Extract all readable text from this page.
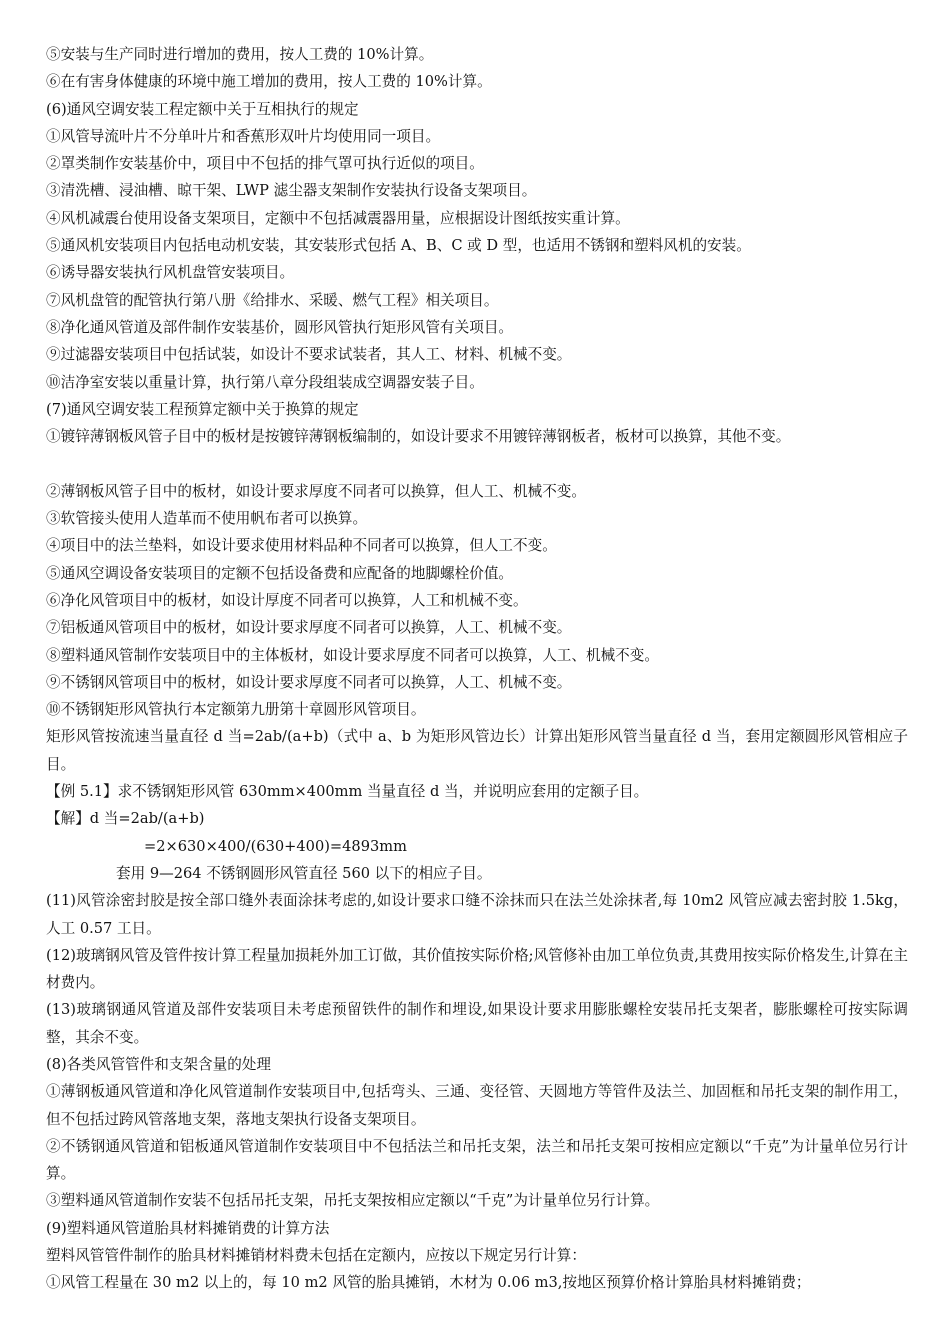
⑤安装与生产同时进行增加的费用，按人工费的 10%计算。
⑥在有害身体健康的环境中施工增加的费用，按人工费的 10%计算。
(6)通风空调安装工程定额中关于互相执行的规定
①风管导流叶片不分单叶片和香蕉形双叶片均使用同一项目。
②罩类制作安装基价中，项目中不包括的排气罩可执行近似的项目。
③清洗槽、浸油槽、晾干架、LWP 滤尘器支架制作安装执行设备支架项目。
④风机减震台使用设备支架项目，定额中不包括减震器用量，应根据设计图纸按实重计算。
⑤通风机安装项目内包括电动机安装，其安装形式包括 A、B、C 或 D 型，也适用不锈钢和塑料风机的安装。
⑥诱导器安装执行风机盘管安装项目。
⑦风机盘管的配管执行第八册《给排水、采暖、燃气工程》相关项目。
⑧净化通风管道及部件制作安装基价，圆形风管执行矩形风管有关项目。
⑨过滤器安装项目中包括试装，如设计不要求试装者，其人工、材料、机械不变。
⑩洁净室安装以重量计算，执行第八章分段组装成空调器安装子目。
(7)通风空调安装工程预算定额中关于换算的规定
①镀锌薄钢板风管子目中的板材是按镀锌薄钢板编制的，如设计要求不用镀锌薄钢板者，板材可以换算，其他不变。
②薄钢板风管子目中的板材，如设计要求厚度不同者可以换算，但人工、机械不变。
③软管接头使用人造革而不使用帆布者可以换算。
④项目中的法兰垫料，如设计要求使用材料品种不同者可以换算，但人工不变。
⑤通风空调设备安装项目的定额不包括设备费和应配备的地脚螺栓价值。
⑥净化风管项目中的板材，如设计厚度不同者可以换算，人工和机械不变。
⑦铝板通风管项目中的板材，如设计要求厚度不同者可以换算，人工、机械不变。
⑧塑料通风管制作安装项目中的主体板材，如设计要求厚度不同者可以换算，人工、机械不变。
⑨不锈钢风管项目中的板材，如设计要求厚度不同者可以换算，人工、机械不变。
⑩不锈钢矩形风管执行本定额第九册第十章圆形风管项目。
矩形风管按流速当量直径 d 当=2ab/(a+b)（式中 a、b 为矩形风管边长）计算出矩形风管当量直径 d 当，套用定额圆形风管相应子目。
【例 5.1】求不锈钢矩形风管 630mm×400mm 当量直径 d 当，并说明应套用的定额子目。
【解】d 当=2ab/(a+b)
=2×630×400/(630+400)=4893mm
套用 9—264 不锈钢圆形风管直径 560 以下的相应子目。
(11)风管涂密封胶是按全部口缝外表面涂抹考虑的,如设计要求口缝不涂抹而只在法兰处涂抹者,每 10m2 风管应减去密封胶 1.5kg，人工 0.57 工日。
(12)玻璃钢风管及管件按计算工程量加损耗外加工订做，其价值按实际价格;风管修补由加工单位负责,其费用按实际价格发生,计算在主材费内。
(13)玻璃钢通风管道及部件安装项目未考虑预留铁件的制作和埋设,如果设计要求用膨胀螺栓安装吊托支架者，膨胀螺栓可按实际调整，其余不变。
(8)各类风管管件和支架含量的处理
①薄钢板通风管道和净化风管道制作安装项目中,包括弯头、三通、变径管、天圆地方等管件及法兰、加固框和吊托支架的制作用工，但不包括过跨风管落地支架，落地支架执行设备支架项目。
②不锈钢通风管道和铝板通风管道制作安装项目中不包括法兰和吊托支架，法兰和吊托支架可按相应定额以“千克”为计量单位另行计算。
③塑料通风管道制作安装不包括吊托支架，吊托支架按相应定额以“千克”为计量单位另行计算。
(9)塑料通风管道胎具材料摊销费的计算方法
塑料风管管件制作的胎具材料摊销材料费未包括在定额内，应按以下规定另行计算：
①风管工程量在 30 m2 以上的，每 10 m2 风管的胎具摊销，木材为 0.06 m3,按地区预算价格计算胎具材料摊销费；
